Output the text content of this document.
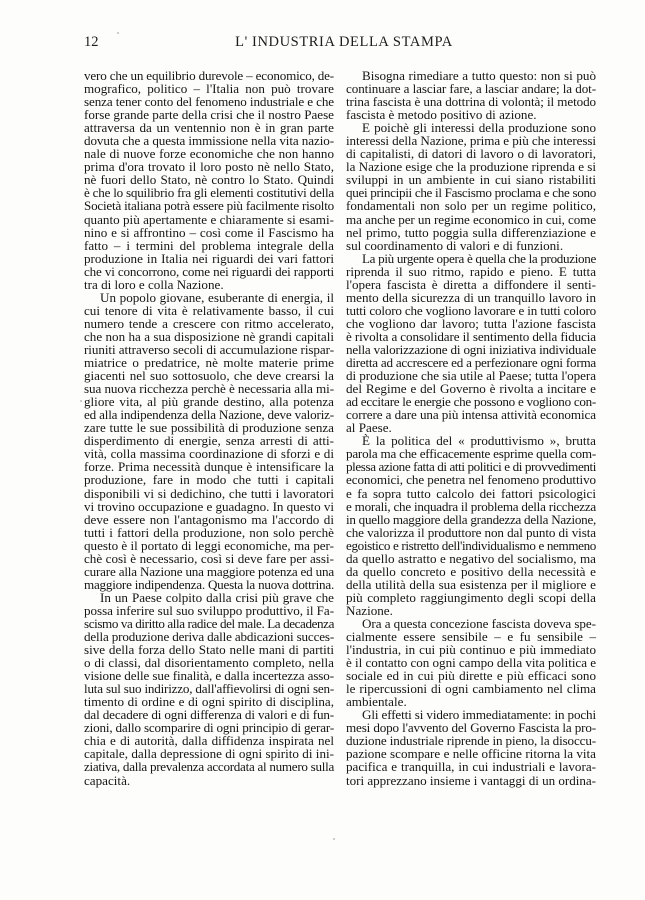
12	L' INDUSTRIA DELLA STAMPA
vero che un equilibrio durevole – economico, de-
mografico, politico – l'Italia non può trovare
senza tener conto del fenomeno industriale e che
forse grande parte della crisi che il nostro Paese
attraversa da un ventennio non è in gran parte
dovuta che a questa immissione nella vita nazio-
nale di nuove forze economiche che non hanno
prima d'ora trovato il loro posto nè nello Stato,
nè fuori dello Stato, nè contro lo Stato. Quindi
è che lo squilibrio fra gli elementi costitutivi della
Società italiana potrà essere più facilmente risolto
quanto più apertamente e chiaramente si esami-
nino e si affrontino – così come il Fascismo ha
fatto – i termini del problema integrale della
produzione in Italia nei riguardi dei vari fattori
che vi concorrono, come nei riguardi dei rapporti
tra di loro e colla Nazione.
Un popolo giovane, esuberante di energia, il
cui tenore di vita è relativamente basso, il cui
numero tende a crescere con ritmo accelerato,
che non ha a sua disposizione nè grandi capitali
riuniti attraverso secoli di accumulazione rispar-
miatrice o predatrice, nè molte materie prime
giacenti nel suo sottosuolo, che deve crearsi la
sua nuova ricchezza perchè è necessaria alla mi-
gliore vita, al più grande destino, alla potenza
ed alla indipendenza della Nazione, deve valoriz-
zare tutte le sue possibilità di produzione senza
disperdimento di energie, senza arresti di atti-
vità, colla massima coordinazione di sforzi e di
forze. Prima necessità dunque è intensificare la
produzione, fare in modo che tutti i capitali
disponibili vi si dedichino, che tutti i lavoratori
vi trovino occupazione e guadagno. In questo vi
deve essere non l'antagonismo ma l'accordo di
tutti i fattori della produzione, non solo perchè
questo è il portato di leggi economiche, ma per-
chè così è necessario, così si deve fare per assi-
curare alla Nazione una maggiore potenza ed una
maggiore indipendenza. Questa la nuova dottrina.
In un Paese colpito dalla crisi più grave che
possa inferire sul suo sviluppo produttivo, il Fa-
scismo va diritto alla radice del male. La decadenza
della produzione deriva dalle abdicazioni succes-
sive della forza dello Stato nelle mani di partiti
o di classi, dal disorientamento completo, nella
visione delle sue finalità, e dalla incertezza asso-
luta sul suo indirizzo, dall'affievolirsi di ogni sen-
timento di ordine e di ogni spirito di disciplina,
dal decadere di ogni differenza di valori e di fun-
zioni, dallo scomparire di ogni principio di gerar-
chia e di autorità, dalla diffidenza inspirata nel
capitale, dalla depressione di ogni spirito di ini-
ziativa, dalla prevalenza accordata al numero sulla
capacità.
Bisogna rimediare a tutto questo: non si può
continuare a lasciar fare, a lasciar andare; la dot-
trina fascista è una dottrina di volontà; il metodo
fascista è metodo positivo di azione.
E poichè gli interessi della produzione sono
interessi della Nazione, prima e più che interessi
di capitalisti, di datori di lavoro o di lavoratori,
la Nazione esige che la produzione riprenda e si
sviluppi in un ambiente in cui siano ristabiliti
quei principii che il Fascismo proclama e che sono
fondamentali non solo per un regime politico,
ma anche per un regime economico in cui, come
nel primo, tutto poggia sulla differenziazione e
sul coordinamento di valori e di funzioni.
La più urgente opera è quella che la produzione
riprenda il suo ritmo, rapido e pieno. E tutta
l'opera fascista è diretta a diffondere il senti-
mento della sicurezza di un tranquillo lavoro in
tutti coloro che vogliono lavorare e in tutti coloro
che vogliono dar lavoro; tutta l'azione fascista
è rivolta a consolidare il sentimento della fiducia
nella valorizzazione di ogni iniziativa individuale
diretta ad accrescere ed a perfezionare ogni forma
di produzione che sia utile al Paese; tutta l'opera
del Regime e del Governo è rivolta a incitare e
ad eccitare le energie che possono e vogliono con-
correre a dare una più intensa attività economica
al Paese.
È la politica del « produttivismo », brutta
parola ma che efficacemente esprime quella com-
plessa azione fatta di atti politici e di provvedimenti
economici, che penetra nel fenomeno produttivo
e fa sopra tutto calcolo dei fattori psicologici
e morali, che inquadra il problema della ricchezza
in quello maggiore della grandezza della Nazione,
che valorizza il produttore non dal punto di vista
egoistico e ristretto dell'individualismo e nemmeno
da quello astratto e negativo del socialismo, ma
da quello concreto e positivo della necessità e
della utilità della sua esistenza per il migliore e
più completo raggiungimento degli scopi della
Nazione.
Ora a questa concezione fascista doveva spe-
cialmente essere sensibile – e fu sensibile –
l'industria, in cui più continuo e più immediato
è il contatto con ogni campo della vita politica e
sociale ed in cui più dirette e più efficaci sono
le ripercussioni di ogni cambiamento nel clima
ambientale.
Gli effetti si videro immediatamente: in pochi
mesi dopo l'avvento del Governo Fascista la pro-
duzione industriale riprende in pieno, la disoccu-
pazione scompare e nelle officine ritorna la vita
pacifica e tranquilla, in cui industriali e lavora-
tori apprezzano insieme i vantaggi di un ordina-
